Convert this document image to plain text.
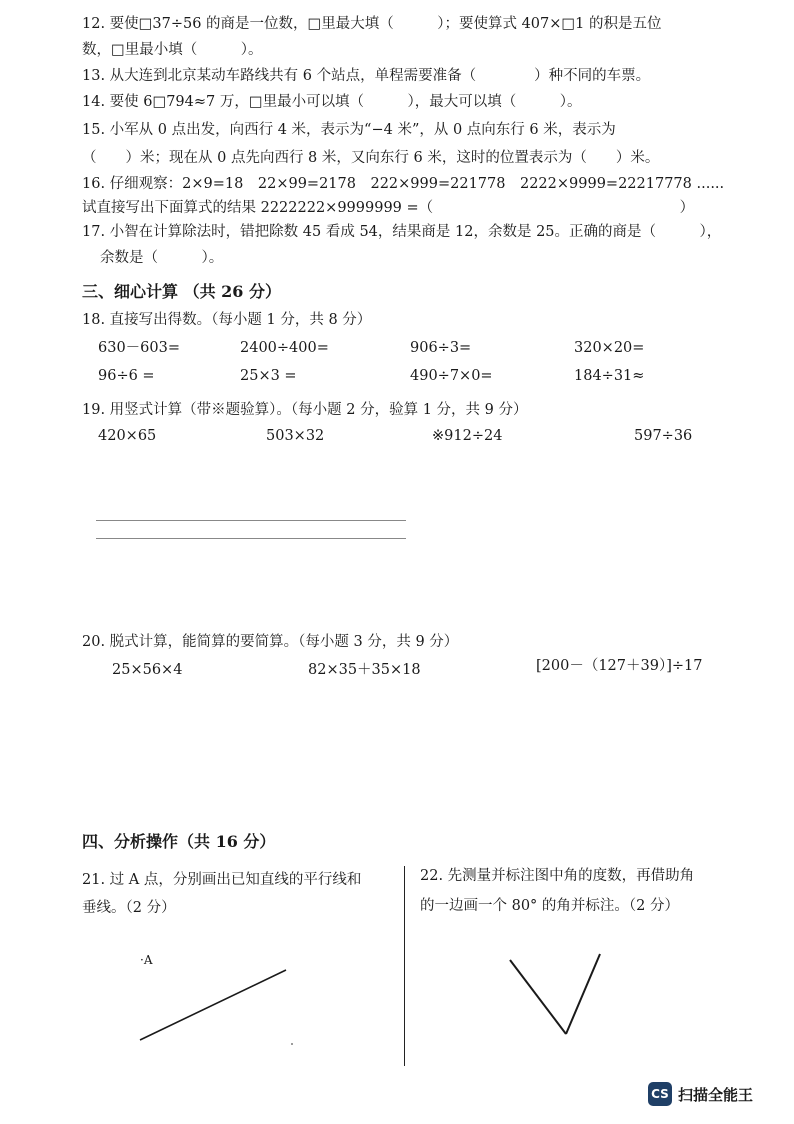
12. 要使□37÷56 的商是一位数，□里最大填（　　　）；要使算式 407×□1 的积是五位
数，□里最小填（　　　）。
13. 从大连到北京某动车路线共有 6 个站点，单程需要准备（　　　　）种不同的车票。
14. 要使 6□794≈7 万，□里最小可以填（　　　），最大可以填（　　　）。
15. 小军从 0 点出发，向西行 4 米，表示为“−4 米”，从 0 点向东行 6 米，表示为
（　　）米；现在从 0 点先向西行 8 米，又向东行 6 米，这时的位置表示为（　　）米。
16. 仔细观察：2×9=18　22×99=2178　222×999=221778　2222×9999=22217778 ......
试直接写出下面算式的结果 2222222×9999999 =（　　　　　　　　　　　　　　　　　）
17. 小智在计算除法时，错把除数 45 看成 54，结果商是 12，余数是 25。正确的商是（　　　），
余数是（　　　）。
三、细心计算 （共 26 分）
18. 直接写出得数。（每小题 1 分，共 8 分）
630－603=	2400÷400=	906÷3=	320×20=
96÷6 =	25×3 =	490÷7×0=	184÷31≈
19. 用竖式计算（带※题验算）。（每小题 2 分，验算 1 分，共 9 分）
420×65	503×32	※912÷24	597÷36
20. 脱式计算，能简算的要简算。（每小题 3 分，共 9 分）
25×56×4	82×35＋35×18	[200－（127＋39）]÷17
四、分析操作（共 16 分）
21. 过 A 点，分别画出已知直线的平行线和
垂线。（2 分）
·A
22. 先测量并标注图中角的度数，再借助角
的一边画一个 80° 的角并标注。（2 分）
CS 扫描全能王
